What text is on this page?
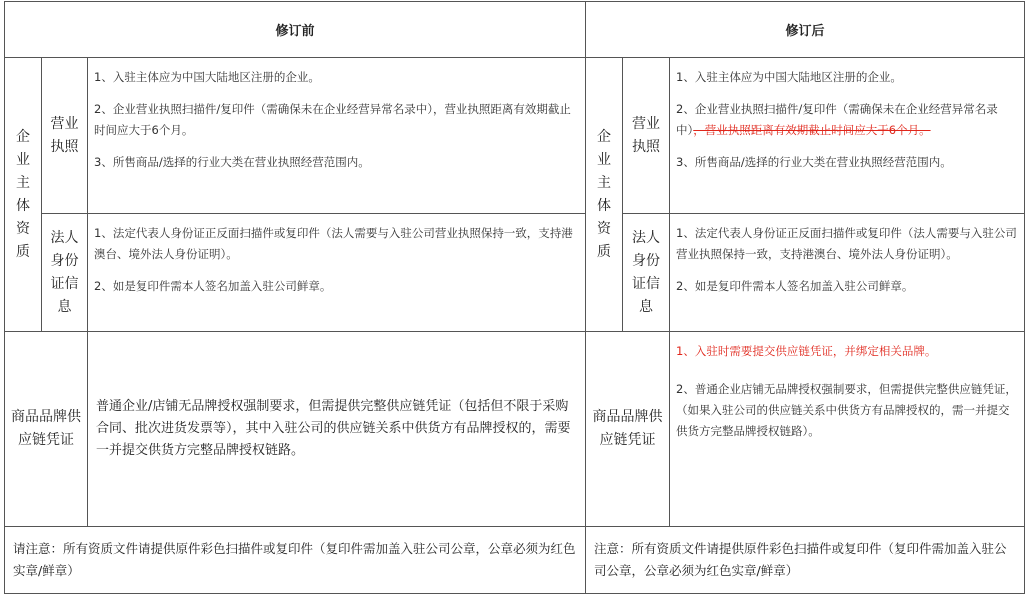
修订前	修订后
企
业
主
体
资
质
营业
执照

1、入驻主体应为中国大陆地区注册的企业。

2、企业营业执照扫描件/复印件（需确保未在企业经营异常名录中），营业执照距离有效期截止时间应大于6个月。

3、所售商品/选择的行业大类在营业执照经营范围内。

法人
身份
证信
息

1、法定代表人身份证正反面扫描件或复印件（法人需要与入驻公司营业执照保持一致，支持港澳台、境外法人身份证明）。

2、如是复印件需本人签名加盖入驻公司鲜章。

商品品牌供应链凭证
普通企业/店铺无品牌授权强制要求，但需提供完整供应链凭证（包括但不限于采购合同、批次进货发票等），其中入驻公司的供应链关系中供货方有品牌授权的，需要一并提交供货方完整品牌授权链路。
请注意：所有资质文件请提供原件彩色扫描件或复印件（复印件需加盖入驻公司公章，公章必须为红色实章/鲜章）
企
业
主
体
资
质
营业
执照

1、入驻主体应为中国大陆地区注册的企业。

2、企业营业执照扫描件/复印件（需确保未在企业经营异常名录中），营业执照距离有效期截止时间应大于6个月。

3、所售商品/选择的行业大类在营业执照经营范围内。

法人
身份
证信
息

1、法定代表人身份证正反面扫描件或复印件（法人需要与入驻公司营业执照保持一致，支持港澳台、境外法人身份证明）。

2、如是复印件需本人签名加盖入驻公司鲜章。

商品品牌供应链凭证

1、入驻时需要提交供应链凭证，并绑定相关品牌。

2、普通企业店铺无品牌授权强制要求，但需提供完整供应链凭证，（如果入驻公司的供应链关系中供货方有品牌授权的，需一并提交供货方完整品牌授权链路）。

注意：所有资质文件请提供原件彩色扫描件或复印件（复印件需加盖入驻公司公章，公章必须为红色实章/鲜章）
